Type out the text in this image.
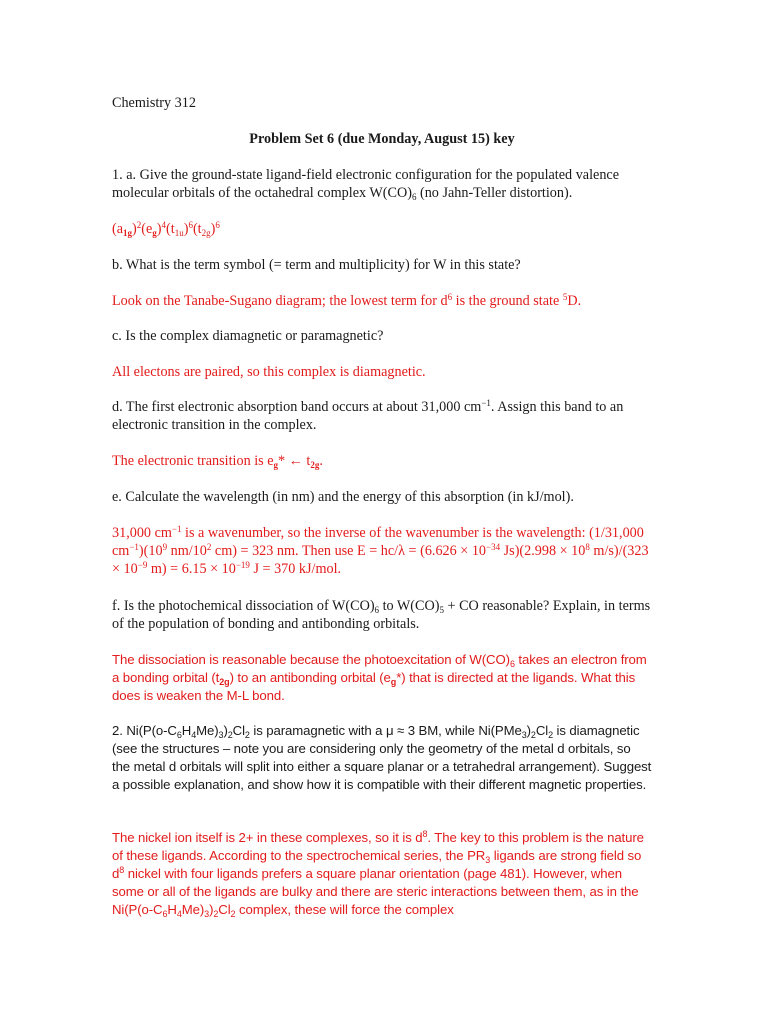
Chemistry 312

Problem Set 6 (due Monday, August 15) key

1. a. Give the ground-state ligand-field electronic configuration for the populated valence molecular orbitals of the octahedral complex $W(CO)_6$ (no Jahn-Teller distortion).

$(a_{1g})^2(e_g)^4(t_{1u})^6(t_{2g})^6$

b. What is the term symbol (= term and multiplicity) for W in this state?

Look on the Tanabe-Sugano diagram; the lowest term for $d^6$ is the ground state $^5$D.

c. Is the complex diamagnetic or paramagnetic?

All electons are paired, so this complex is diamagnetic.

d. The first electronic absorption band occurs at about 31,000 $cm^{-1}$. Assign this band to an electronic transition in the complex.

The electronic transition is $e_g*$ ← $t_{2g}$.

e. Calculate the wavelength (in nm) and the energy of this absorption (in kJ/mol).

31,000 $cm^{-1}$ is a wavenumber, so the inverse of the wavenumber is the wavelength: (1/31,000 $cm^{-1})(10^9$ $nm/10^2$ cm) = 323 nm. Then use $E = hc/\lambda = (6.626 \times 10^{-34}$ $Js)(2.998 \times 10^8$ $m/s)/(323 \times 10^{-9}$ $m) = 6.15 \times 10^{-19}$ J = 370 kJ/mol.

f. Is the photochemical dissociation of $W(CO)_6$ to $W(CO)_5$ + CO reasonable? Explain, in terms of the population of bonding and antibonding orbitals.

The dissociation is reasonable because the photoexcitation of $W(CO)_6$ takes an electron from a bonding orbital $(t_{2g})$ to an antibonding orbital $(e_g*)$ that is directed at the ligands. What this does is weaken the M-L bond.

2. $Ni(P(o-C_6H_4Me)_3)_2Cl_2$ is paramagnetic with a μ ≈ 3 BM, while $Ni(PMe_3)_2Cl_2$ is diamagnetic (see the structures – note you are considering only the geometry of the metal d orbitals, so the metal d orbitals will split into either a square planar or a tetrahedral arrangement). Suggest a possible explanation, and show how it is compatible with their different magnetic properties.

The nickel ion itself is 2+ in these complexes, so it is $d^8$. The key to this problem is the nature of these ligands. According to the spectrochemical series, the $PR_3$ ligands are strong field so $d^8$ nickel with four ligands prefers a square planar orientation (page 481). However, when some or all of the ligands are bulky and there are steric interactions between them, as in the $Ni(P(o-C_6H_4Me)_3)_2Cl_2$ complex, these will force the complex
